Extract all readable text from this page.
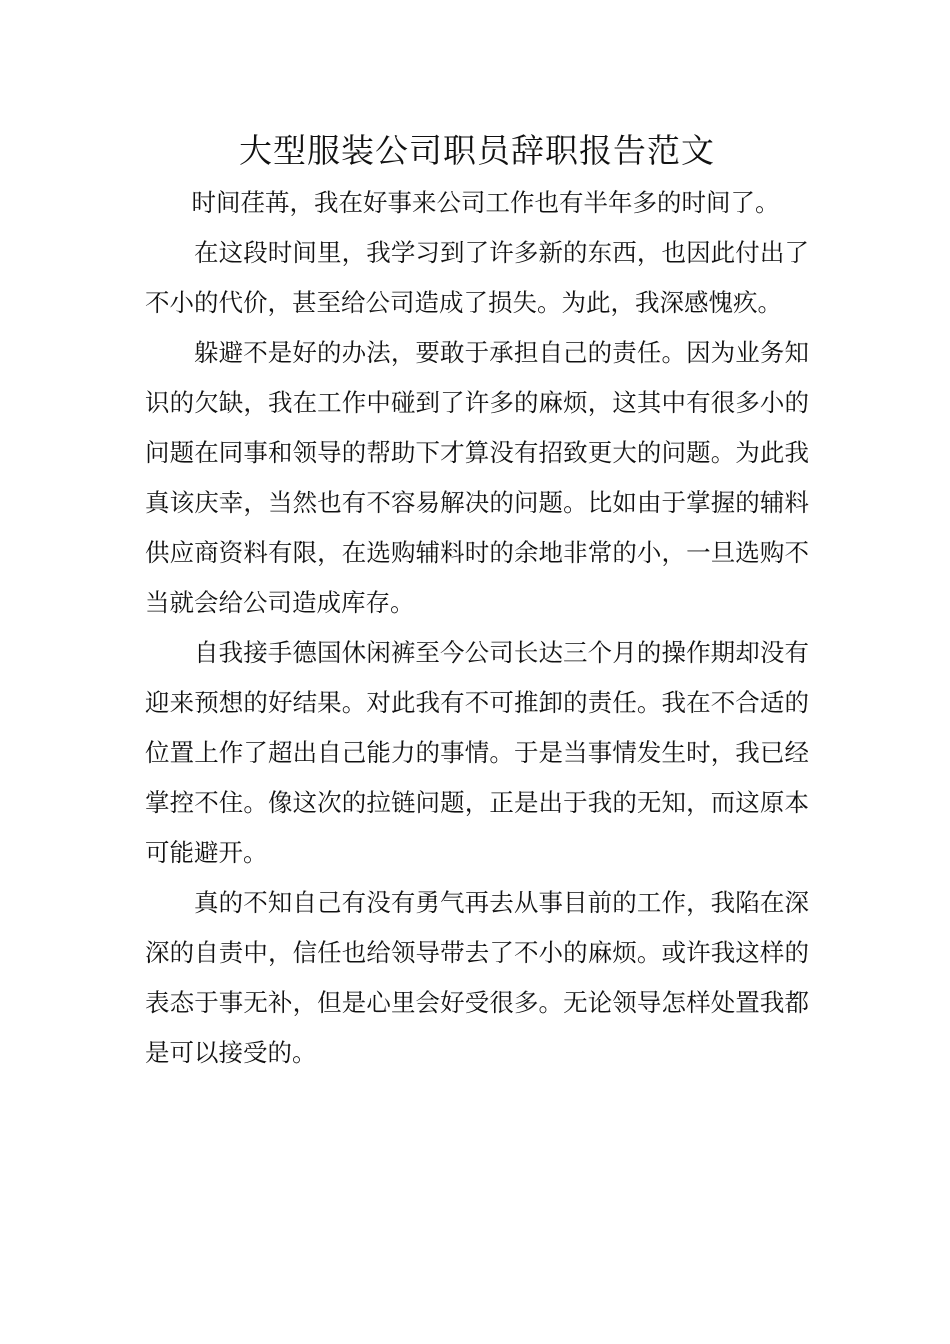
大型服装公司职员辞职报告范文

时间荏苒，我在好事来公司工作也有半年多的时间了。

在这段时间里，我学习到了许多新的东西，也因此付出了不小的代价，甚至给公司造成了损失。为此，我深感愧疚。

躲避不是好的办法，要敢于承担自己的责任。因为业务知识的欠缺，我在工作中碰到了许多的麻烦，这其中有很多小的问题在同事和领导的帮助下才算没有招致更大的问题。为此我真该庆幸，当然也有不容易解决的问题。比如由于掌握的辅料供应商资料有限，在选购辅料时的余地非常的小，一旦选购不当就会给公司造成库存。

自我接手德国休闲裤至今公司长达三个月的操作期却没有迎来预想的好结果。对此我有不可推卸的责任。我在不合适的位置上作了超出自己能力的事情。于是当事情发生时，我已经掌控不住。像这次的拉链问题，正是出于我的无知，而这原本可能避开。

真的不知自己有没有勇气再去从事目前的工作，我陷在深深的自责中，信任也给领导带去了不小的麻烦。或许我这样的表态于事无补，但是心里会好受很多。无论领导怎样处置我都是可以接受的。
